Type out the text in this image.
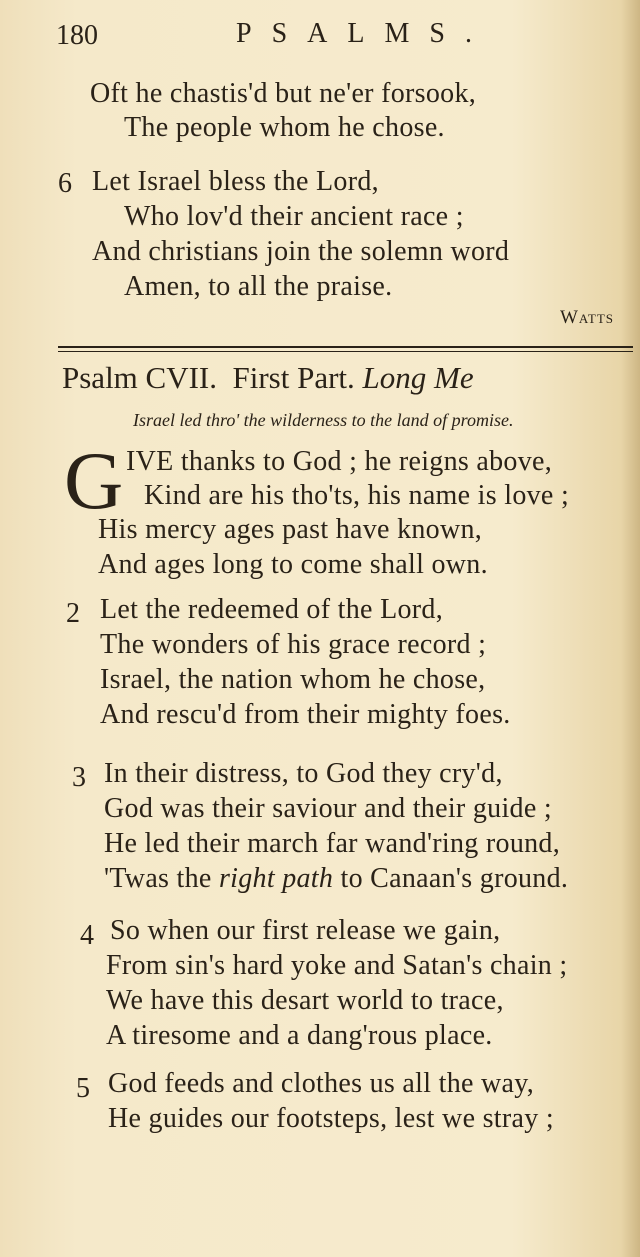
180	PSALMS.
Oft he chastis'd but ne'er forsook,
The people whom he chose.
6 Let Israel bless the Lord,
Who lov'd their ancient race ;
And christians join the solemn word
Amen, to all the praise.
Watts
Psalm CVII. First Part. Long Me
Israel led thro' the wilderness to the land of promise.
G IVE thanks to God ; he reigns above,
Kind are his tho'ts, his name is love ;
His mercy ages past have known,
And ages long to come shall own.
2 Let the redeemed of the Lord,
The wonders of his grace record ;
Israel, the nation whom he chose,
And rescu'd from their mighty foes.
3 In their distress, to God they cry'd,
God was their saviour and their guide ;
He led their march far wand'ring round,
'Twas the right path to Canaan's ground.
4 So when our first release we gain,
From sin's hard yoke and Satan's chain ;
We have this desart world to trace,
A tiresome and a dang'rous place.
5 God feeds and clothes us all the way,
He guides our footsteps, lest we stray ;
